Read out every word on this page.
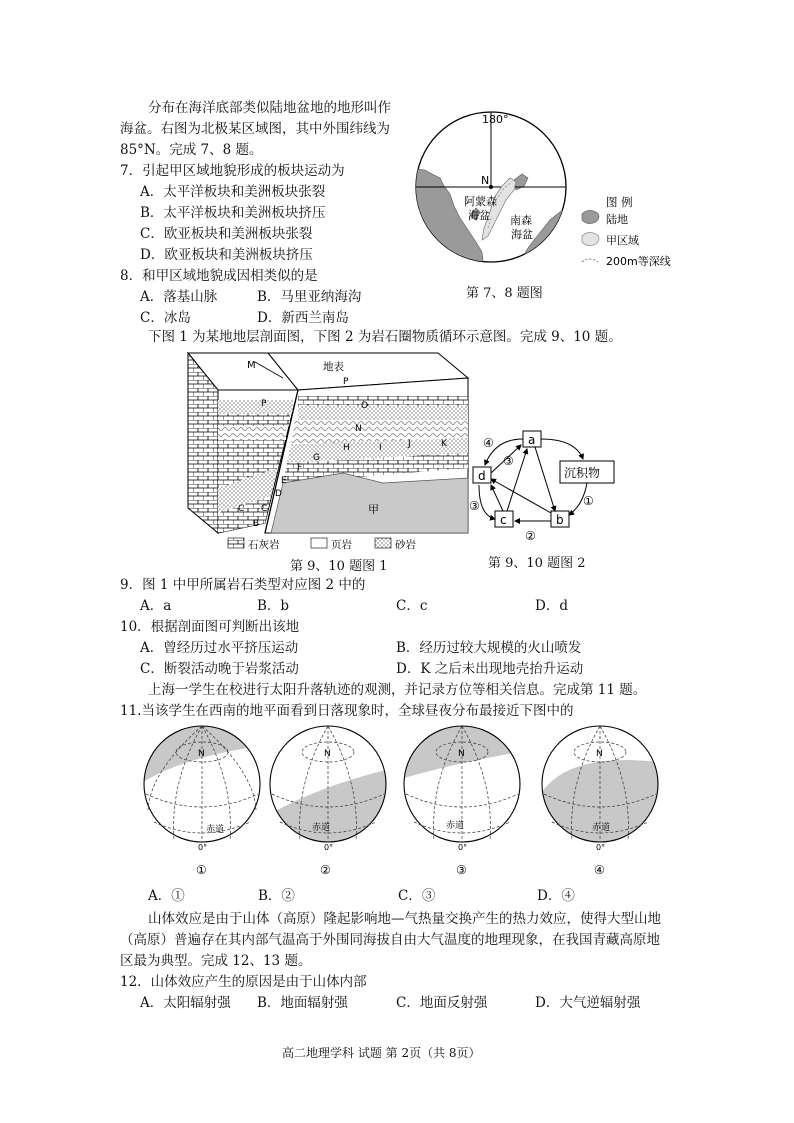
分布在海洋底部类似陆地盆地的地形叫作
海盆。右图为北极某区域图，其中外围纬线为
85°N。完成 7、8 题。
7．引起甲区域地貌形成的板块运动为
A．太平洋板块和美洲板块张裂
B．太平洋板块和美洲板块挤压
C．欧亚板块和美洲板块张裂
D．欧亚板块和美洲板块挤压
8．和甲区域地貌成因相类似的是
A．落基山脉	B．马里亚纳海沟
C．冰岛	D．新西兰南岛
180°
N
阿蒙森
海盆 南森
海盆
图 例
陆地
甲区域
200m等深线
第 7、8 题图
下图 1 为某地地层剖面图，下图 2 为岩石圈物质循环示意图。完成 9、10 题。
M	地表
P
P	O
N
H	I	J	K
G
F
E
D
C
C
B
甲
石灰岩	页岩	砂岩
第 9、10 题图 1
a
d	沉积物
c	b
④
③
③	①
②
第 9、10 题图 2
9．图 1 中甲所属岩石类型对应图 2 中的
A．a	B．b	C．c	D．d
10．根据剖面图可判断出该地
A．曾经历过水平挤压运动	B．经历过较大规模的火山喷发
C．断裂活动晚于岩浆活动	D．K 之后未出现地壳抬升运动
上海一学生在校进行太阳升落轨迹的观测，并记录方位等相关信息。完成第 11 题。
11.当该学生在西南的地平面看到日落现象时，全球昼夜分布最接近下图中的
N
赤道
0°
N
赤道
0°
N
赤道
0°
N
赤道
0°
①	②	③	④
A．①	B．②	C．③	D．④
山体效应是由于山体（高原）隆起影响地—气热量交换产生的热力效应，使得大型山地
（高原）普遍存在其内部气温高于外围同海拔自由大气温度的地理现象，在我国青藏高原地
区最为典型。完成 12、13 题。
12．山体效应产生的原因是由于山体内部
A．太阳辐射强 B．地面辐射强	C．地面反射强	D．大气逆辐射强
高二地理学科 试题 第 2页（共 8页）
